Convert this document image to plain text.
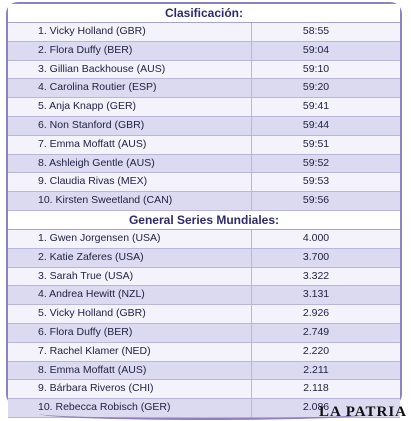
Clasificación:
1. Vicky Holland (GBR)	58:55
2. Flora Duffy (BER)	59:04
3. Gillian Backhouse (AUS)	59:10
4. Carolina Routier (ESP)	59:20
5. Anja Knapp (GER)	59:41
6. Non Stanford (GBR)	59:44
7. Emma Moffatt (AUS)	59:51
8. Ashleigh Gentle (AUS)	59:52
9. Claudia Rivas (MEX)	59:53
10. Kirsten Sweetland (CAN)	59:56
General Series Mundiales:
1. Gwen Jorgensen (USA)	4.000
2. Katie Zaferes (USA)	3.700
3. Sarah True (USA)	3.322
4. Andrea Hewitt (NZL)	3.131
5. Vicky Holland (GBR)	2.926
6. Flora Duffy (BER)	2.749
7. Rachel Klamer (NED)	2.220
8. Emma Moffatt (AUS)	2.211
9. Bárbara Riveros (CHI)	2.118
10. Rebecca Robisch (GER)	2.086
LA PATRIA
